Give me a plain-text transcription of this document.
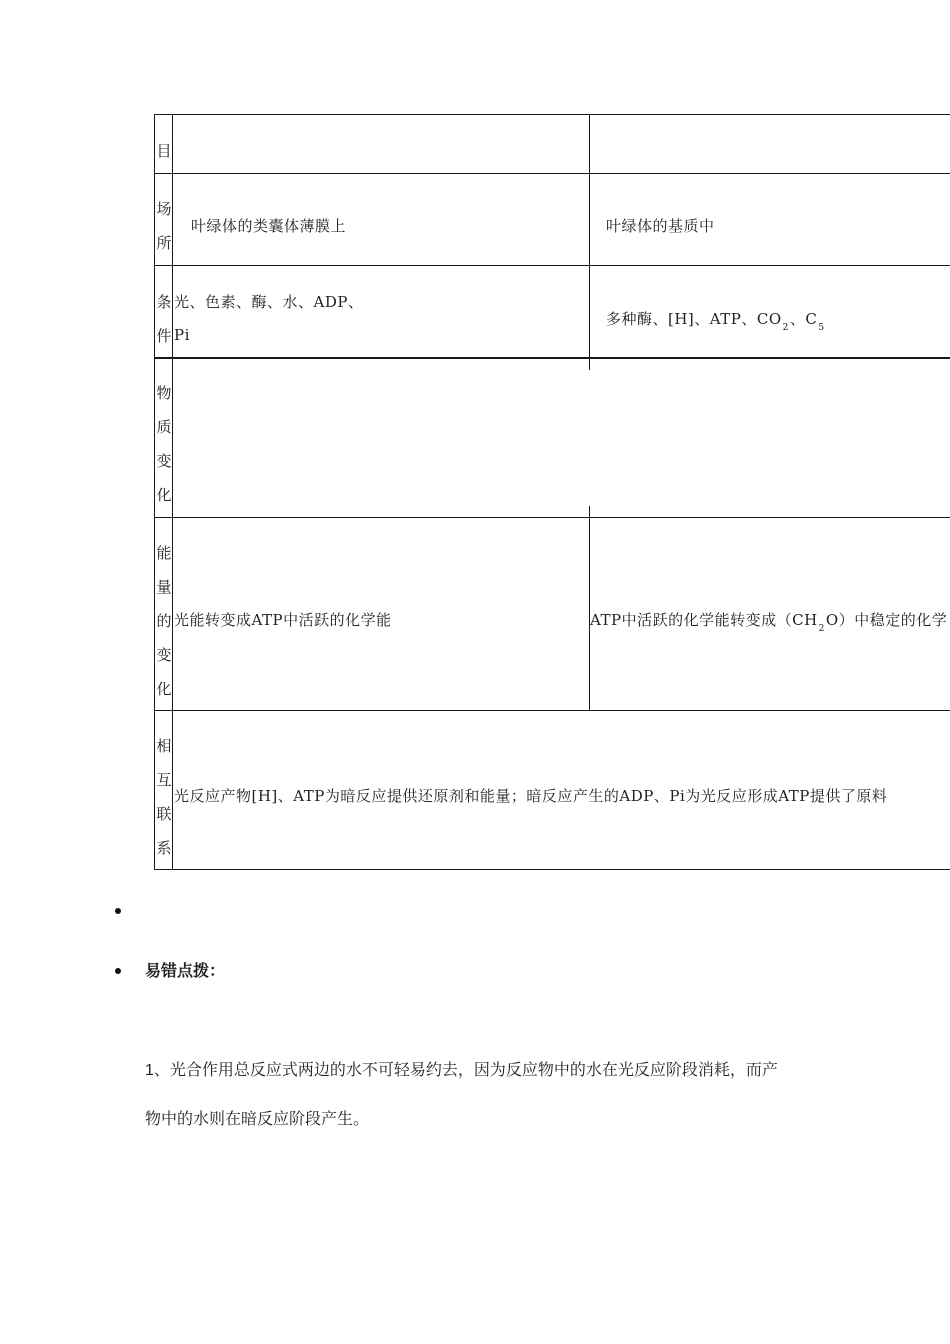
目
场
所
条
件
物
质
变
化
能
量
的
变
化
相
互
联
系
叶绿体的类囊体薄膜上	叶绿体的基质中
光、色素、酶、水、ADP、
Pi
多种酶、[H]、ATP、$CO_2$、$C_5$
光能转变成ATP中活跃的化学能	ATP中活跃的化学能转变成$(CH_2O)$中稳定的化学
光反应产物[H]、ATP为暗反应提供还原剂和能量；暗反应产生的ADP、Pi为光反应形成ATP提供了原料
易错点拨：
1、光合作用总反应式两边的水不可轻易约去，因为反应物中的水在光反应阶段消耗，而产
物中的水则在暗反应阶段产生。
